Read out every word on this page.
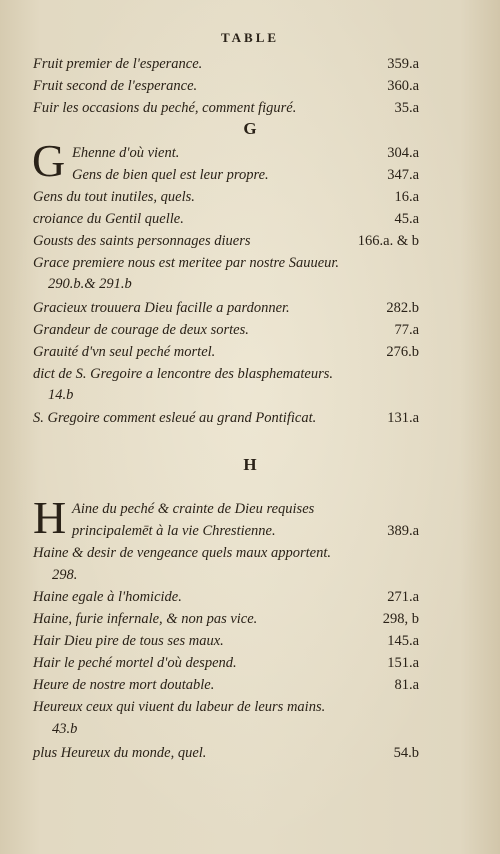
TABLE
Fruit premier de l'esperance.	359.a
Fruit second de l'esperance.	360.a
Fuir les occasions du peché, comment figuré.	35.a
G
G Ehenne d'où vient.	304.a
Gens de bien quel est leur propre.	347.a
Gens du tout inutiles, quels.	16.a
croiance du Gentil quelle.	45.a
Gousts des saints personnages diuers	166.a. & b
Grace premiere nous est meritee par nostre Sauueur.
290.b.& 291.b
Gracieux trouuera Dieu facille a pardonner.	282.b
Grandeur de courage de deux sortes.	77.a
Grauité d'vn seul peché mortel.	276.b
dict de S. Gregoire a lencontre des blasphemateurs.
14.b
S. Gregoire comment esleué au grand Pontificat.	131.a
H
H Aine du peché & crainte de Dieu requises
principalemēt à la vie Chrestienne.	389.a
Haine & desir de vengeance quels maux apportent.
298.
Haine egale à l'homicide.	271.a
Haine, furie infernale, & non pas vice.	298, b
Hair Dieu pire de tous ses maux.	145.a
Hair le peché mortel d'où despend.	151.a
Heure de nostre mort doutable.	81.a
Heureux ceux qui viuent du labeur de leurs mains.
43.b
plus Heureux du monde, quel.	54.b
